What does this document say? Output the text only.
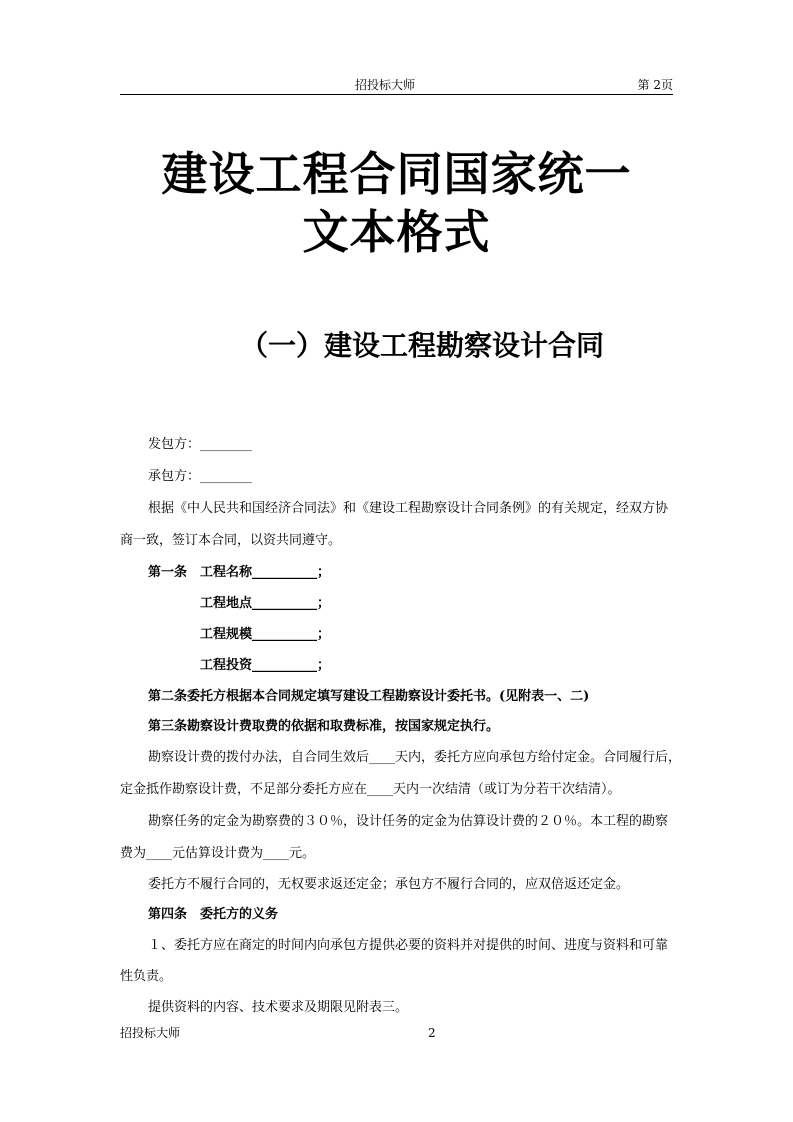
招投标大师	第 2页
建设工程合同国家统一
文本格式
（一）建设工程勘察设计合同
发包方：________
承包方：________
根据《中人民共和国经济合同法》和《建设工程勘察设计合同条例》的有关规定，经双方协
商一致，签订本合同，以资共同遵守。
第一条　工程名称__________；
工程地点__________；
工程规模__________；
工程投资__________；
第二条委托方根据本合同规定填写建设工程勘察设计委托书。(见附表一、二)
第三条勘察设计费取费的依据和取费标准，按国家规定执行。
勘察设计费的拨付办法，自合同生效后____天内，委托方应向承包方给付定金。合同履行后，
定金抵作勘察设计费，不足部分委托方应在____天内一次结清（或订为分若干次结清）。
勘察任务的定金为勘察费的３０％，设计任务的定金为估算设计费的２０％。本工程的勘察
费为____元估算设计费为____元。
委托方不履行合同的，无权要求返还定金；承包方不履行合同的，应双倍返还定金。
第四条　委托方的义务
１、委托方应在商定的时间内向承包方提供必要的资料并对提供的时间、进度与资料和可靠
性负责。
提供资料的内容、技术要求及期限见附表三。
招投标大师	2
